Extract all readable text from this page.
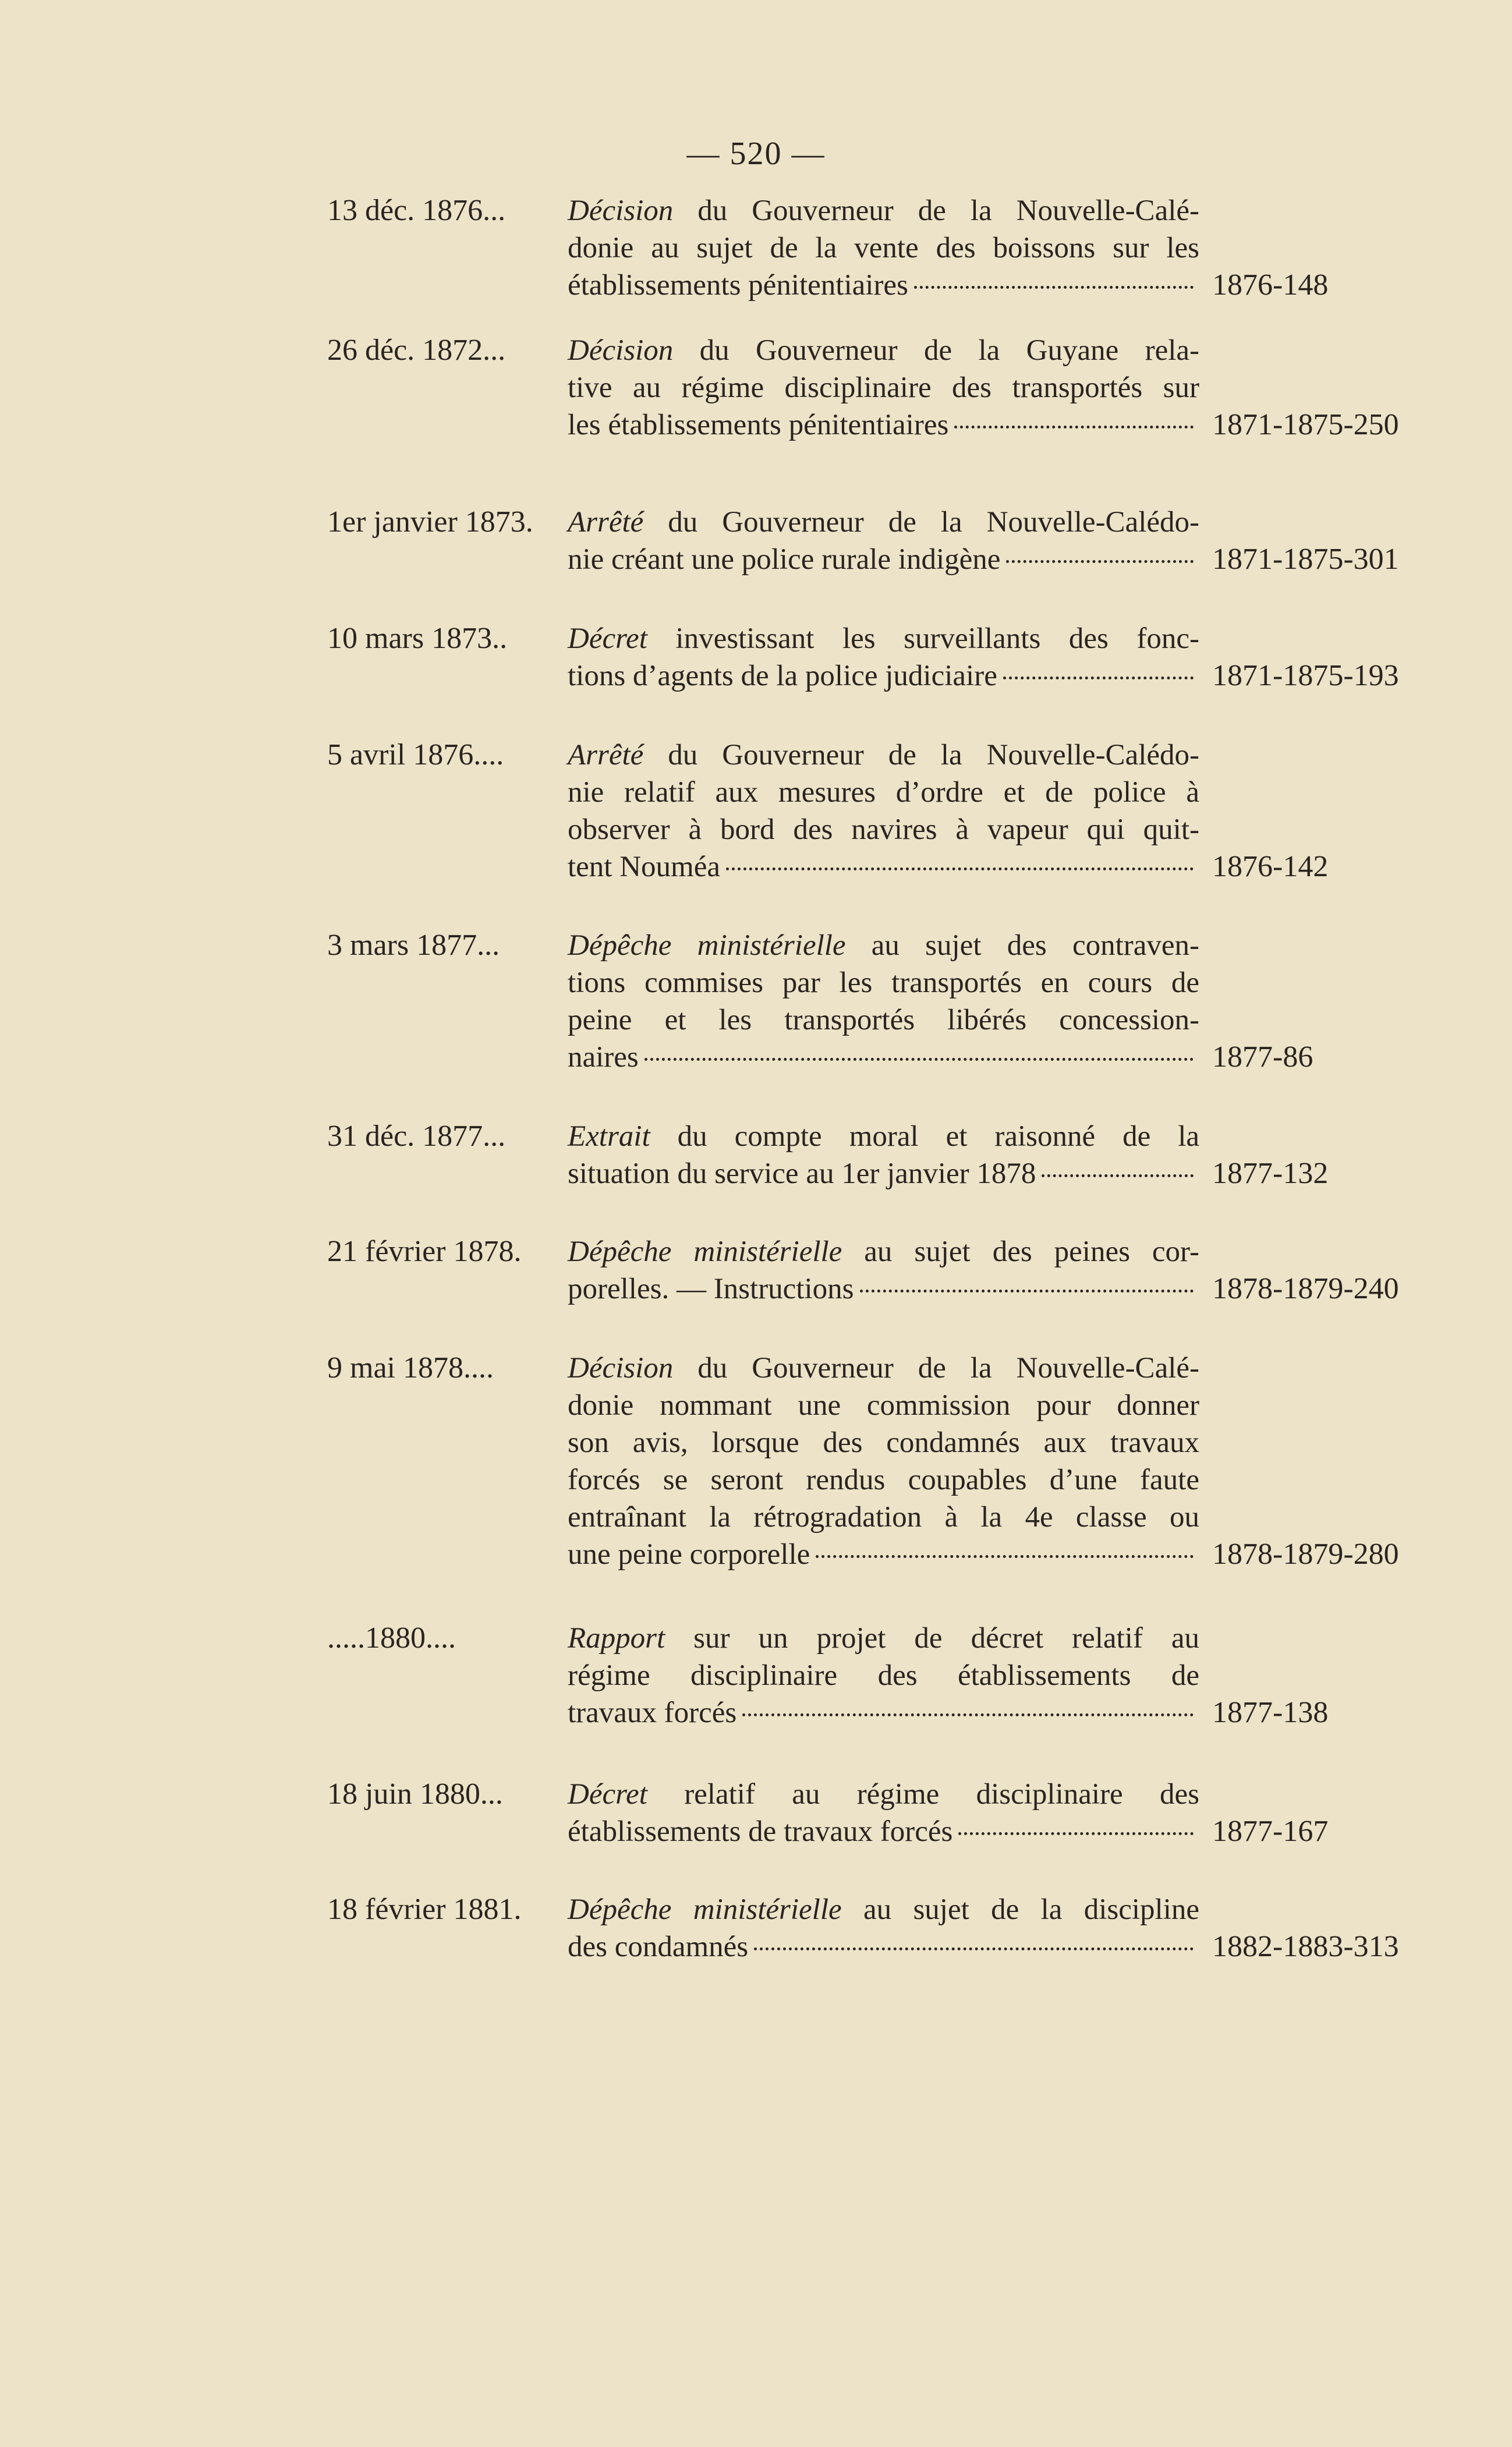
— 520 —
13 déc. 1876...	Décision du Gouverneur de la Nouvelle-Calé-
donie au sujet de la vente des boissons sur les
établissements pénitentiaires	1876-148
26 déc. 1872...	Décision du Gouverneur de la Guyane rela-
tive au régime disciplinaire des transportés sur
les établissements pénitentiaires	1871-1875-250
1er janvier 1873.	Arrêté du Gouverneur de la Nouvelle-Calédo-
nie créant une police rurale indigène	1871-1875-301
10 mars 1873..	Décret investissant les surveillants des fonc-
tions d’agents de la police judiciaire	1871-1875-193
5 avril 1876....	Arrêté du Gouverneur de la Nouvelle-Calédo-
nie relatif aux mesures d’ordre et de police à
observer à bord des navires à vapeur qui quit-
tent Nouméa	1876-142
3 mars 1877...	Dépêche ministérielle au sujet des contraven-
tions commises par les transportés en cours de
peine et les transportés libérés concession-
naires	1877-86
31 déc. 1877...	Extrait du compte moral et raisonné de la
situation du service au 1er janvier 1878	1877-132
21 février 1878.	Dépêche ministérielle au sujet des peines cor-
porelles. — Instructions	1878-1879-240
9 mai 1878....	Décision du Gouverneur de la Nouvelle-Calé-
donie nommant une commission pour donner
son avis, lorsque des condamnés aux travaux
forcés se seront rendus coupables d’une faute
entraînant la rétrogradation à la 4e classe ou
une peine corporelle	1878-1879-280
.....1880....	Rapport sur un projet de décret relatif au
régime disciplinaire des établissements de
travaux forcés	1877-138
18 juin 1880...	Décret relatif au régime disciplinaire des
établissements de travaux forcés	1877-167
18 février 1881.	Dépêche ministérielle au sujet de la discipline
des condamnés	1882-1883-313
